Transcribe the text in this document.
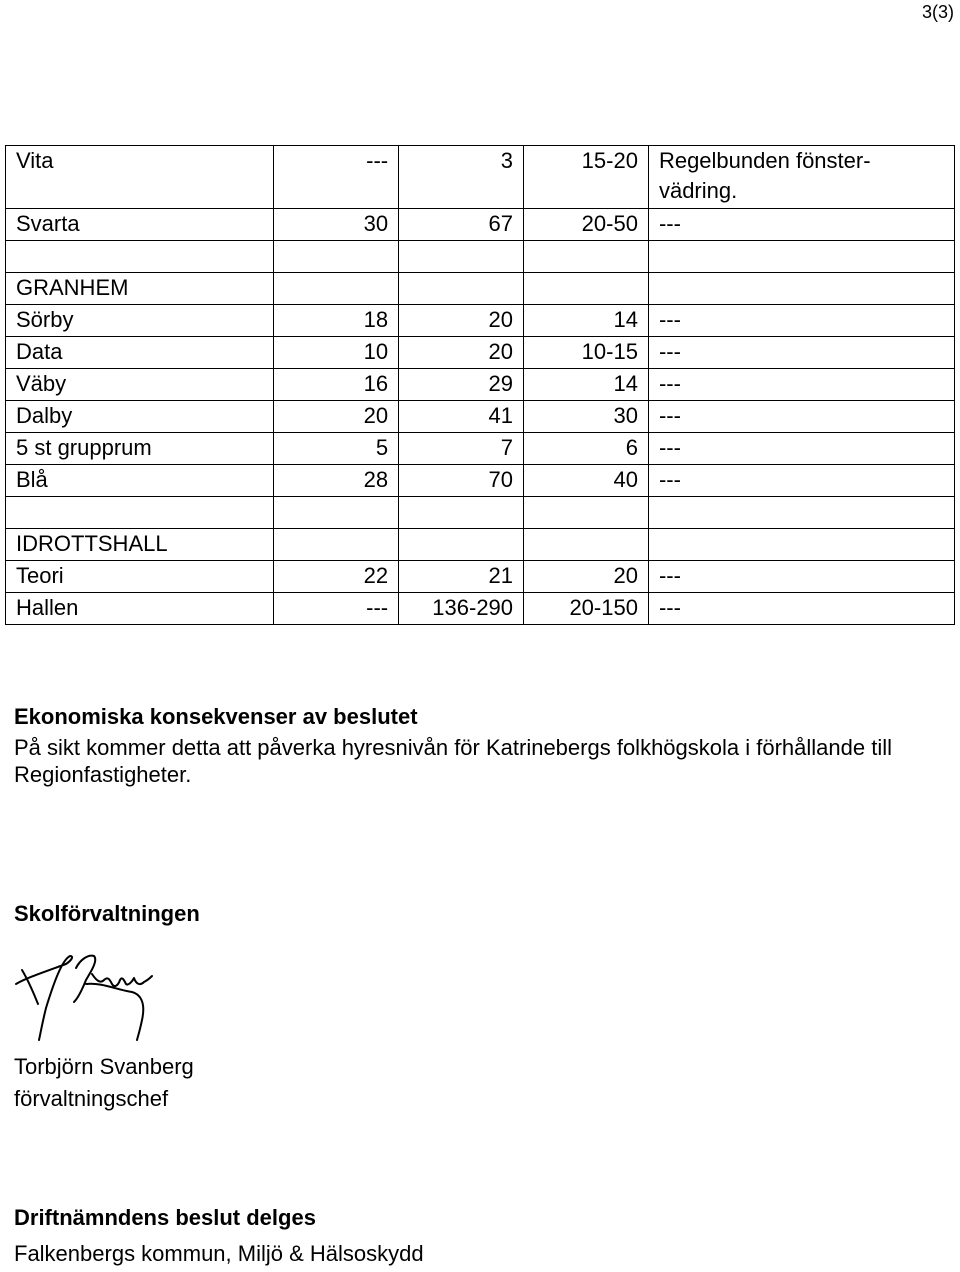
3(3)
Vita	---	3	15-20	Regelbunden fönster-vädring.
Svarta	30	67	20-50	---

GRANHEM				
Sörby	18	20	14	---
Data	10	20	10-15	---
Väby	16	29	14	---
Dalby	20	41	30	---
5 st grupprum	5	7	6	---
Blå	28	70	40	---

IDROTTSHALL				
Teori	22	21	20	---
Hallen	---	136-290	20-150	---
Ekonomiska konsekvenser av beslutet

På sikt kommer detta att påverka hyresnivån för Katrinebergs folkhögskola i förhållande till Regionfastigheter.

Skolförvaltningen

Torbjörn Svanberg

förvaltningschef

Driftnämndens beslut delges

Falkenbergs kommun, Miljö & Hälsoskydd
